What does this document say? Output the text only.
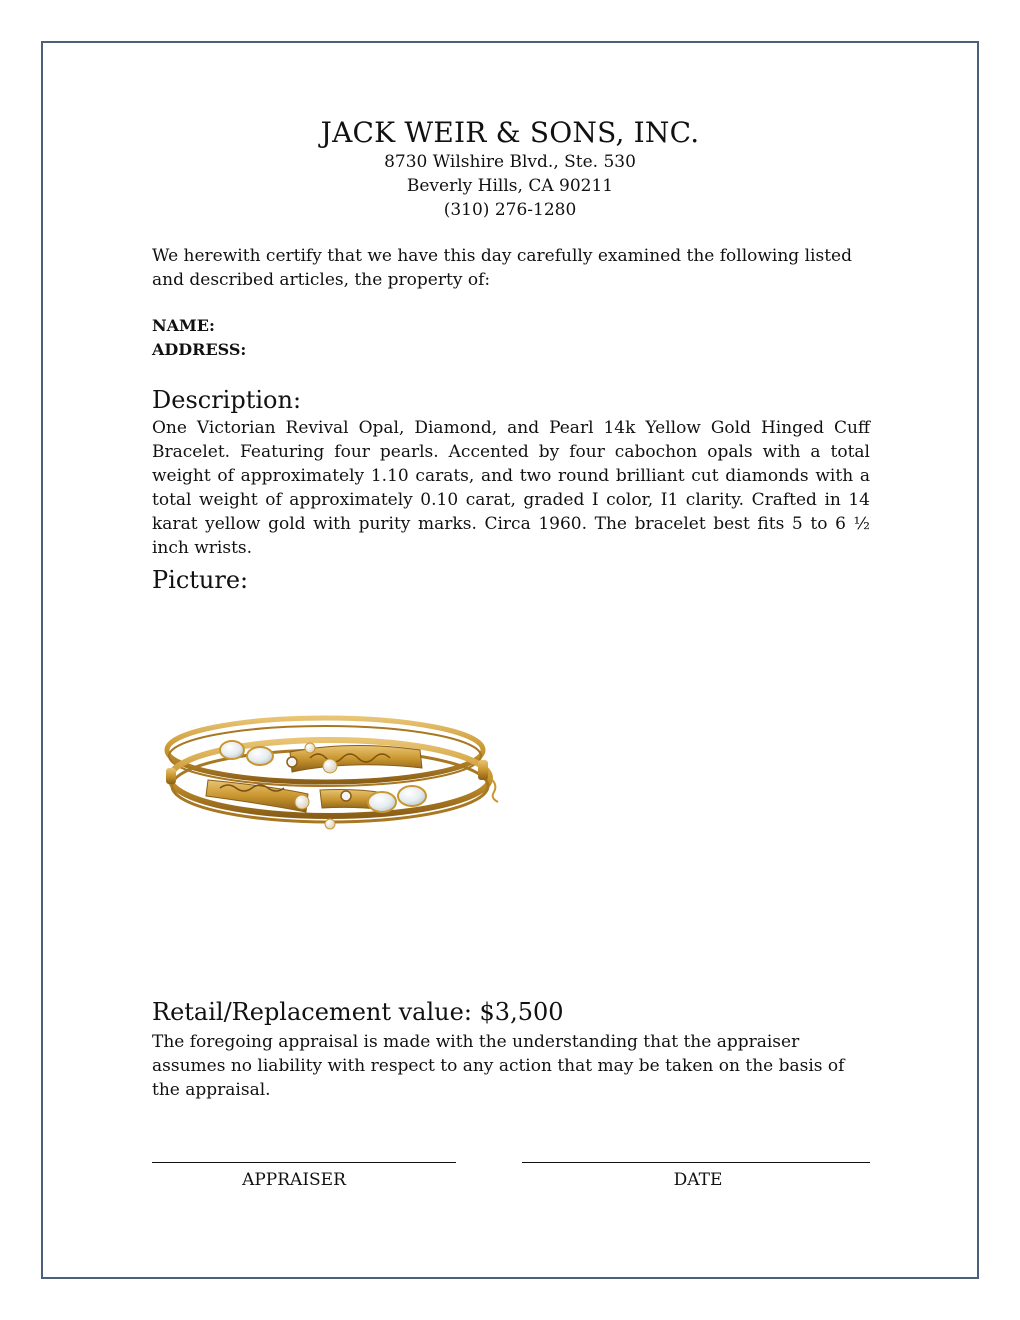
JACK WEIR & SONS, INC.
8730 Wilshire Blvd., Ste. 530
Beverly Hills, CA 90211
(310) 276-1280
We herewith certify that we have this day carefully examined the following listed and described articles, the property of:
NAME:
ADDRESS:
Description:
One Victorian Revival Opal, Diamond, and Pearl 14k Yellow Gold Hinged Cuff Bracelet. Featuring four pearls. Accented by four cabochon opals with a total weight of approximately 1.10 carats, and two round brilliant cut diamonds with a total weight of approximately 0.10 carat, graded I color, I1 clarity. Crafted in 14 karat yellow gold with purity marks. Circa 1960. The bracelet best fits 5 to 6 ½ inch wrists.
Picture:
Retail/Replacement value: $3,500
The foregoing appraisal is made with the understanding that the appraiser assumes no liability with respect to any action that may be taken on the basis of the appraisal.
APPRAISER	DATE
